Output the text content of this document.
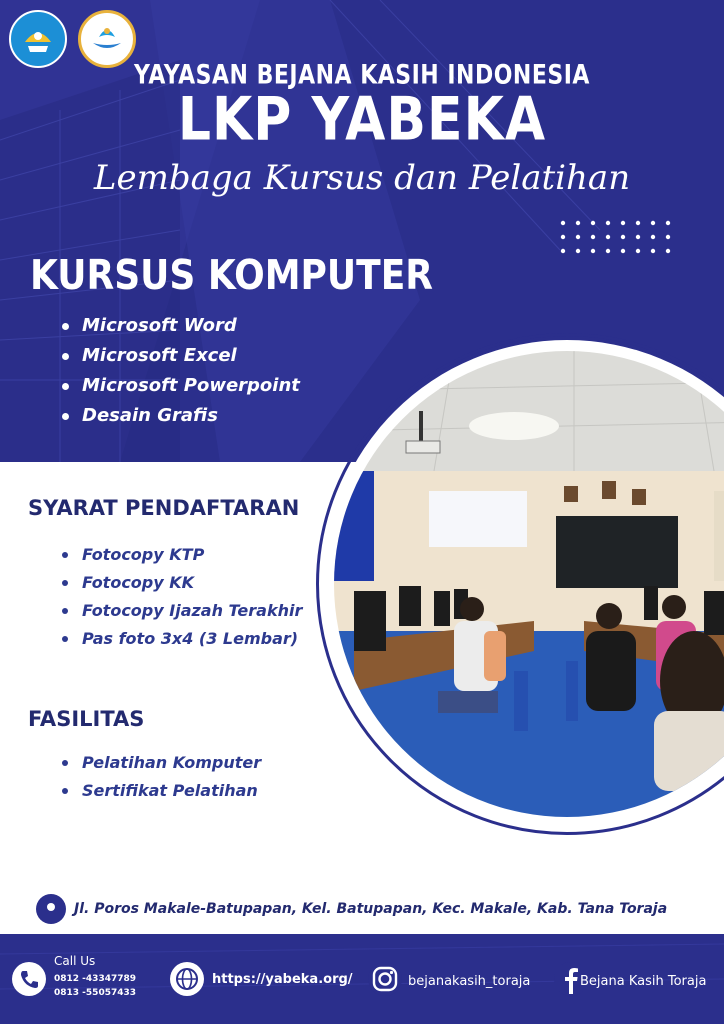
YAYASAN BEJANA KASIH INDONESIA
LKP YABEKA
Lembaga Kursus dan Pelatihan
KURSUS KOMPUTER
Microsoft Word
Microsoft Excel
Microsoft Powerpoint
Desain Grafis
SYARAT PENDAFTARAN
Fotocopy KTP
Fotocopy KK
Fotocopy Ijazah Terakhir
Pas foto 3x4 (3 Lembar)
FASILITAS
Pelatihan Komputer
Sertifikat Pelatihan
Jl. Poros Makale-Batupapan, Kel. Batupapan, Kec. Makale, Kab. Tana Toraja
Call Us
0812 -43347789
0813 -55057433
https://yabeka.org/	bejanakasih_toraja	Bejana Kasih Toraja
